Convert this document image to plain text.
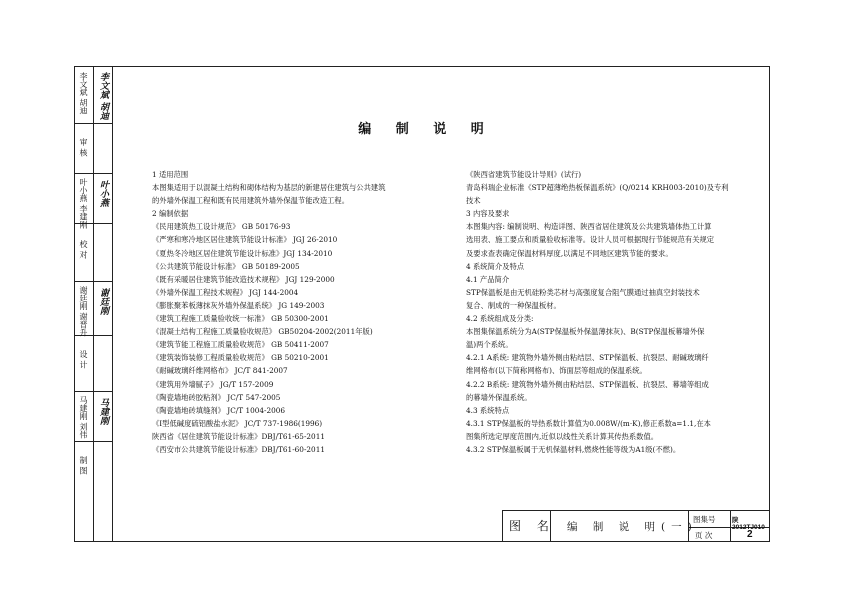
李文斌 胡迪 李文斌 胡迪
审 核
叶小燕 李建刚 叶小燕
校 对
谢廷刚 谢晋升 谢廷刚
设 计
马建刚 刘伟 马建刚
制 图
编 制 说 明
1 适用范围
本图集适用于以混凝土结构和砌体结构为基层的新建居住建筑与公共建筑
的外墙外保温工程和既有民用建筑外墙外保温节能改造工程。
2 编制依据
《民用建筑热工设计规范》 GB 50176-93
《严寒和寒冷地区居住建筑节能设计标准》 JGJ 26-2010
《夏热冬冷地区居住建筑节能设计标准》JGJ 134-2010
《公共建筑节能设计标准》 GB 50189-2005
《既有采暖居住建筑节能改造技术规程》 JGJ 129-2000
《外墙外保温工程技术规程》 JGJ 144-2004
《膨胀聚苯板薄抹灰外墙外保温系统》 JG 149-2003
《建筑工程施工质量验收统一标准》 GB 50300-2001
《混凝土结构工程施工质量验收规范》 GB50204-2002(2011年版)
《建筑节能工程施工质量验收规范》 GB 50411-2007
《建筑装饰装修工程质量验收规范》 GB 50210-2001
《耐碱玻璃纤维网格布》 JC/T 841-2007
《建筑用外墙腻子》 JG/T 157-2009
《陶瓷墙地砖胶粘剂》 JC/T 547-2005
《陶瓷墙地砖填缝剂》 JC/T 1004-2006
《Ⅰ型低碱度硫铝酸盐水泥》 JC/T 737-1986(1996)
陕西省《居住建筑节能设计标准》DBJ/T61-65-2011
《西安市公共建筑节能设计标准》DBJ/T61-60-2011
《陕西省建筑节能设计导则》(试行)
青岛科瑞企业标准《STP超薄绝热板保温系统》(Q/0214 KRH003-2010)及专利
技术
3 内容及要求
本图集内容: 编制说明、构造详图、陕西省居住建筑及公共建筑墙体热工计算
选用表、施工要点和质量验收标准等。设计人员可根据现行节能规范有关规定
及要求查表确定保温材料厚度,以满足不同地区建筑节能的要求。
4 系统简介及特点
4.1 产品简介
STP保温板是由无机硅粉类芯材与高强度复合阻气膜通过抽真空封装技术
复合、制成的一种保温板材。
4.2 系统组成及分类:
本图集保温系统分为A(STP保温板外保温薄抹灰)、B(STP保温板幕墙外保
温)两个系统。
4.2.1 A系统: 建筑物外墙外侧由粘结层、STP保温板、抗裂层、耐碱玻璃纤
维网格布(以下简称网格布)、饰面层等组成的保温系统。
4.2.2 B系统: 建筑物外墙外侧由粘结层、STP保温板、抗裂层、幕墙等组成
的幕墙外保温系统。
4.3 系统特点
4.3.1 STP保温板的导热系数计算值为0.008W/(m·K),修正系数a=1.1,在本
图集所选定厚度范围内,近似以线性关系计算其传热系数值。
4.3.2 STP保温板属于无机保温材料,燃烧性能等级为A1级(不燃)。
图 名 编 制 说 明(一)
图集号	陕2012TJ010
页 次	2
